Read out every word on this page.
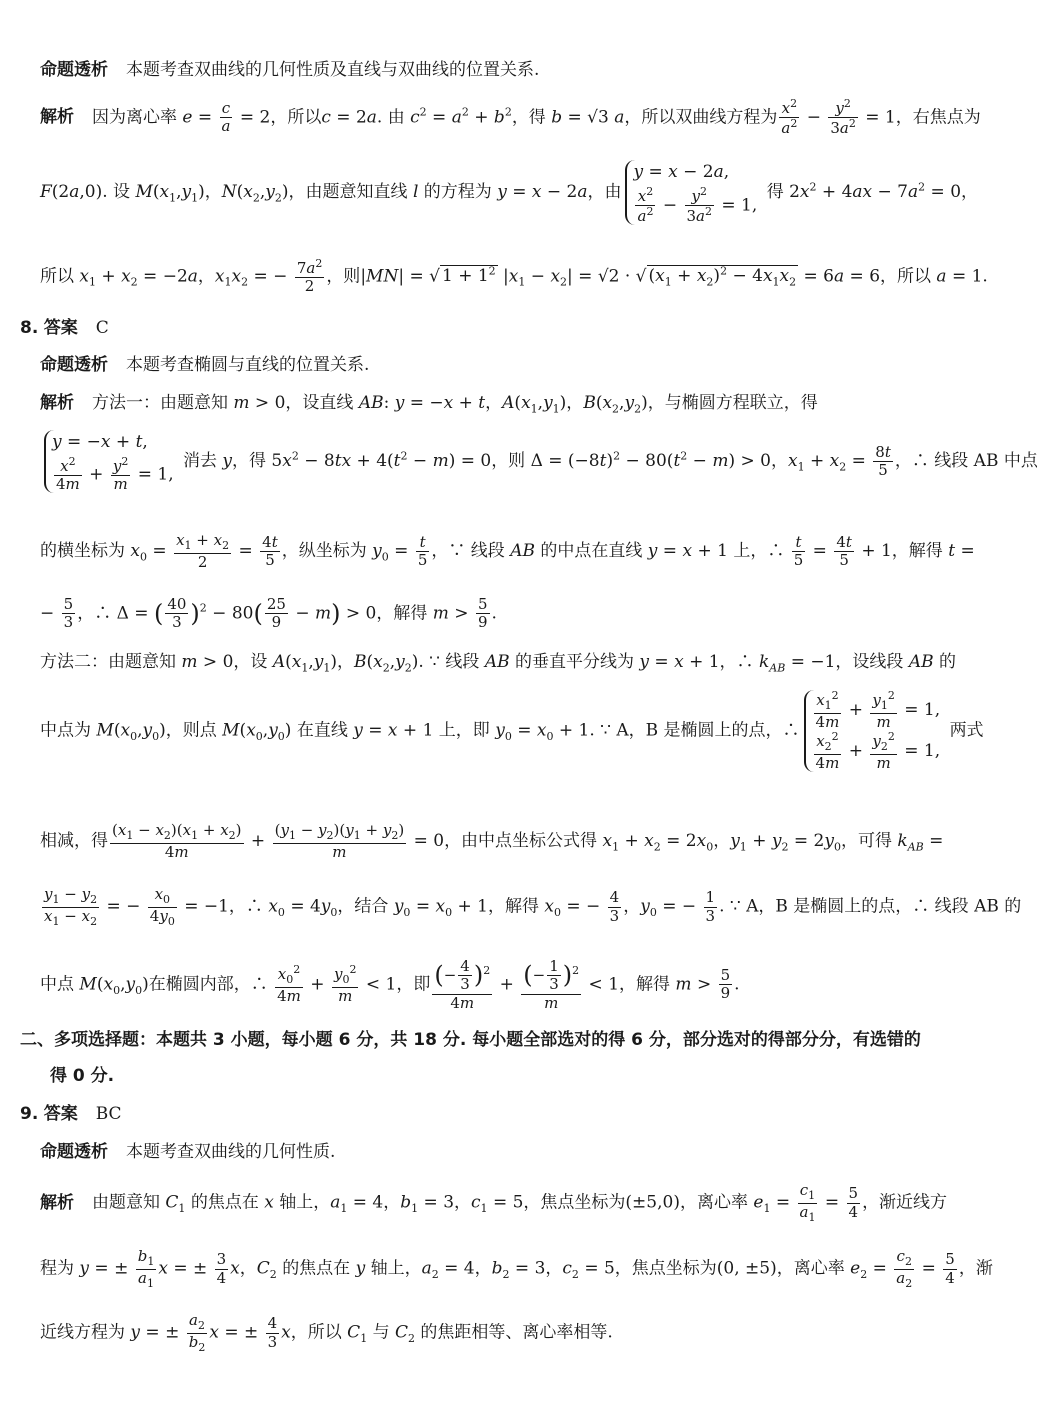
命题透析 本题考查双曲线的几何性质及直线与双曲线的位置关系.
解析 因为离心率 $e = \frac{c}{a} = 2$，所以c = 2a. 由 $c^2 = a^2 + b^2$，得 b = √3 a，所以双曲线方程为 $\frac{x^2}{a^2} - \frac{y^2}{3a^2} = 1$，右焦点为
F(2a,0). 设 $M(x_1,y_1)$，$N(x_2,y_2)$，由题意知直线 l 的方程为 y = x − 2a，由
y = x − 2a,
$\frac{x^2}{a^2} - \frac{y^2}{3a^2} = 1$,
得 $2x^2 + 4ax - 7a^2 = 0$，
所以 $x_1 + x_2 = -2a$，$x_1x_2$ = − $\frac{7a^2}{2}$ ，则|MN| = √ $1 + 1^2$ $|x_1 - x_2| = √2$ · √ $(x_1 + x_2)^2 - 4x_1x_2 = 6a = 6$，所以 a = 1.
8. 答案 C
命题透析 本题考查椭圆与直线的位置关系.
解析 方法一：由题意知 m > 0，设直线 AB: y = −x + t，$A(x_1,y_1)$，$B(x_2,y_2)$，与椭圆方程联立，得
y = −x + t,
$\frac{x^2}{4m} + \frac{y^2}{m} = 1$,
消去 y，得 $5x^2 - 8tx + 4(t^2 - m) = 0$，则 $\Delta = (-8t)^2 - 80(t^2 - m) > 0$，$x_1 + x_2 = \frac{8t}{5}$ ，∴ 线段 AB 中点
的横坐标为 $x_0 = \frac{x_1 + x_2}{2} = \frac{4t}{5}$ ，纵坐标为 $y_0 = \frac{t}{5}$ ，∵ 线段 AB 的中点在直线 y = x + 1 上，∴ $\frac{t}{5} = \frac{4t}{5} + 1$，解得 t =
− $\frac{5}{3}$ ，∴ Δ = ( $\frac{40}{3} )^2 - 80( \frac{25}{9} - m) > 0$，解得 $m > \frac{5}{9}$ .
方法二：由题意知 m > 0，设 $A(x_1,y_1)$，$B(x_2,y_2)$. ∵ 线段 AB 的垂直平分线为 y = x + 1，∴ $k_{AB} = -1$，设线段 AB 的
中点为 $M(x_0,y_0)$，则点 $M(x_0,y_0)$ 在直线 y = x + 1 上，即 $y_0 = x_0 + 1$. ∵ A，B 是椭圆上的点，∴ $\frac{x_1^2}{4m} + \frac{y_1^2}{m} = 1$,
$\frac{x_2^2}{4m} + \frac{y_2^2}{m} = 1$,
两式
相减，得 $\frac{(x_1 - x_2)(x_1 + x_2)}{4m} + \frac{(y_1 - y_2)(y_1 + y_2)}{m} = 0$，由中点坐标公式得 $x_1 + x_2 = 2x_0$，$y_1 + y_2 = 2y_0$，可得 $k_{AB}$ =
$\frac{y_1 - y_2}{x_1 - x_2}$ = − $\frac{x_0}{4y_0} = -1$，∴ $x_0 = 4y_0$，结合 $y_0 = x_0 + 1$，解得 $x_0$ = − $\frac{4}{3}$ ，$y_0$ = − $\frac{1}{3}$ . ∵ A，B 是椭圆上的点，∴ 线段 AB 的
中点 $M(x_0,y_0)$在椭圆内部，∴ $\frac{x_0^2}{4m} + \frac{y_0^2}{m} < 1$，即 $\frac{(- \frac{4}{3} )^2}{4m} + \frac{(- \frac{1}{3} )^2}{m} < 1$，解得 $m > \frac{5}{9}$ .
二、多项选择题：本题共 3 小题，每小题 6 分，共 18 分. 每小题全部选对的得 6 分，部分选对的得部分分，有选错的
得 0 分.
9. 答案 BC
命题透析 本题考查双曲线的几何性质.
解析 由题意知 $C_1$ 的焦点在 x 轴上，$a_1 = 4$，$b_1 = 3$，$c_1 = 5$，焦点坐标为(±5,0)，离心率 $e_1 = \frac{c_1}{a_1} = \frac{5}{4}$ ，渐近线方
程为 y = ± $\frac{b_1}{a_1}$ x = ± $\frac{3}{4}$ x，$C_2$ 的焦点在 y 轴上，$a_2 = 4$，$b_2 = 3$，$c_2 = 5$，焦点坐标为(0, ±5)，离心率 $e_2 = \frac{c_2}{a_2} = \frac{5}{4}$ ，渐
近线方程为 y = ± $\frac{a_2}{b_2}$ x = ± $\frac{4}{3}$ x，所以 $C_1$ 与 $C_2$ 的焦距相等、离心率相等.
